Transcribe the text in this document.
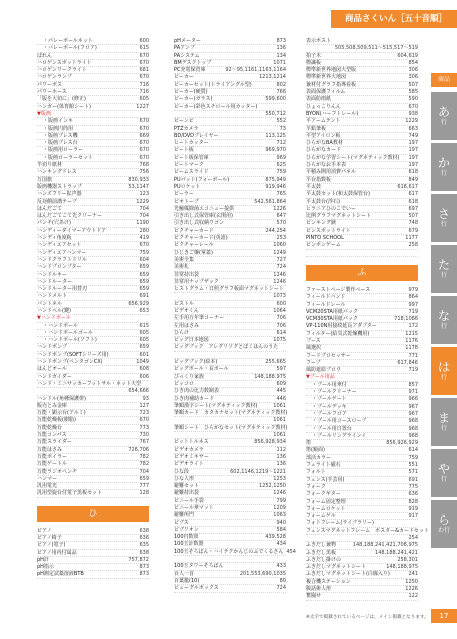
商品さくいん［五十音順］
商品
・パレーボールネット	600
・バレーボール(フロア)	615
ばれん	670
ハロゲンスポットライト	670
ハロゲンワークライト	681
ハロゲンランプ	670
パワーポス	716
パワーホース	716
「版を大切に」(修正)	605
ハンガー(体育館シート)	1227
▼版画
・版画インキ	670
・版画円筒用	670
・版画プレス機	669
・版画プレス台	670
・版画用ローラー	670
・版画ローラーセット	670
半切り紙材	768
ハンキングドレス	756
万国旗	830,933
版画機器ストラップ	53,1147
ハンズフリー拡声器	123
反対側前溝テープ	1229
はんだごて	704
はんだごてこて先クリーナー	704
パンチ(穴あけ)	1190
ハンディーダイマーアウトドア	280
ハンディ角度板	419
ハンディエアセット	670
ハンディエアハンマー	759
ハンドクラフトドリル	604
ハンドプロンプター	659
ハンドルキー	659
ハンドルーター	659
ハンドルーター用替刃	659
ハンドメルト	691
バントネル	656,929
ハンドベル(鍵)	653
▼ハンドボール
・ハンドボール	615
・ハンドボールゴール	605
・ハンドボール(ソフト)	605
ハンドポンプ	659
ハンドポンプ(SOFTシリーズ用)	601
ハンドポンプ(ペンタゴンCX)	1049
はんどオール	608
ハンドガイダー	606
ハンド・ミニサッカーフットサル・ネット大型
654,666
ハンドル(角種保護帯)	93
販売とみ金庫	127
万能・顕示台(アルミ)	723
万能乾燥板(樹脂)	670
万能乾燥台	773
万能コンパス	730
万能スライダー	767
万能はさみ	726,706
万能ボイラー	782
万能ゲートル	782
万能ラジオペンチ	704
ハンマー	659
汎用電光	777
汎用型旋台付電子黒板セット	128
ひ
ピアノ	638
ピアノ椅子	636
ピアノ(電子)	635
ピアノ用内付属品	638
pH計	757,872
pH指示	873
pH測定試薬溶液BTB	873
pHメーター	873
PAアンプ	136
PAシステム	134
BMデスクトップ	1071
PC充電保管庫	92～95,1161,1163,1164
ビーカー	1213,1214
ビーカーセット(トライアングル型)	802
ビーカー(硬質)	766
ビーカー(ガラス)	599,600
ビーカー(彩色スチロール用カッター)
550,712
ピーンピ	552
PTZカメラ	73
BD/DVDプレイヤー	113,125
ヒートカッター	712
ビート板	969,970
ビート板保管庫	969
ビートマーク	625
ビームスライド	759
PUパット(フォーボール)	875,949
PUロケット	919,946
ピーラー	765
ビオトープ	542,561,864
光触媒除菌エコニュー提供	1226
引き出し式保管庫(玄関用)	647
引き出し式収納ワゴン	570
ピクチャーカード	244,254
ピクチャーカード(英語)	253
ピクチャーレール	1060
ひじきご盤(掌蓋)	1249
美術全集	727
美術札	724
非常持出袋	1246
非常用ナップザック	1246
ヒストグラム・日照グラフ板面マグネットシート
1073
ピストル	600
ビデオくん	1064
左手用万年筆コーナー	706
左用はさみ	706
ひらけ	614
ビッグ日本地図	1075
ビッグブック　アレグリソグとぼくはんのうた
ビッグブック(絵本)	255,665
ビッグボール・長ボール	597
びっくり家族	148,188,975
ビッコロ	609
ひき肉の比力数制表	445
ひき肉補助カード	446
筆順漢字シート(マグネティック教材)	1061
筆順カード　カタカナセット(マグネティック教材)
1061
筆順シート　ひらがなセット(マグネティック教材)
1061
ビットトルネス	856,928,934
ビデオカメラ	112
ビデオミキサー	136
ビデオライト	136
ひな段	602,1146,1219～1221
ひな人形	1253
避難セット	1252,1250
避難持出袋	1246
ピニール手袋	799
ピニール傘マット	1209
避難所門	1063
ビブス	940
ビブリオン	584
100円数筒	439,528
100玉計数器	434
100玉そろばん・ハイテクかんじのふでくるさん 454
100玉タワーそろばん	433
百人一首	201,553,690,1035
百葉籠(10)	80
ビューグルボックス	724
表示ポスト
505,508,509,511～515,517～519
拍子木	604,619
標識板	854
標準新世界地図大型版	306
標準新世界大地図	306
兼材付グラフ指導看板	507
表面保護フィルム	585
表面防雨紙	590
ひょっこりんん	670
BYON(ハーフトレール)	938
平アームテント	1229
平鉛筆板	663
平型アイロン板	749
ひらがなBA教材	197
ひらがなカード	197
ひらがな学習シート(マグネティック教材)	197
ひらがなお手本表	197
平積み開用消費パネル	618
平台指数板	849
平太鼓	618,617
平太鼓セット(和太鼓保管台)	617
平太鼓台(浮石)	618
ヒラニアひのこでいー	697
比例グラフマグネットシート	507
ピンキング鋏	748
ピンスポットライト	679
PINTO SCHOOL	1177
ピンポンゲーム	258
ふ
ファーストページ製作ペース	979
フィールドバンド	864
フィールドレール	997
VCM20STA用紙パック	719
VCM30STA用紙パック	718,1086
VP-110N用接続延長アダプター	172
フィルター(給気式乾燥機用)	1215
ブース	1176
風選択	1178
フードプロセッサー	771
フープ	617,846
風防遮絵プロウ	719
▼プール用品
・プール用傘付	857
・プールクリーナー	971
・プールゲート	966
・プールデッキ	967
・プールフロア	967
・プール用コースロープ	968
・プール用日置台	968
・プールリングラインイ	968
笛	856,926,929
笛(鏡面)	614
部活カラー	759
フェライト磁石	551
フォルト	571
フェンス(手芸用)	691
フォーク	775
フォークギター	636
フォーム固定整理	828
フォームロケット	919
フォームゲル	917
フォトフレーム(ライブラリー)
フェンスマグネットフレーム　ポスター&カードセット
254
ふきだし兼物	148,188,241,421,708,975
ふきだし黒板	148,188,241,421
ふきだし掛けの	258,301
ふきだしマグネットシート	148,188,975
ふきだしマグネットシート(白線入り)	241
複合機ステーション	1250
腹話術人形	1226
奮闘せ	122
あ
行
か
行
さ
行
た
行
な
行
は
行
ま
行
や
行
ら
わ行
※太字で掲載されているページは、メイン掲載となります。	17
